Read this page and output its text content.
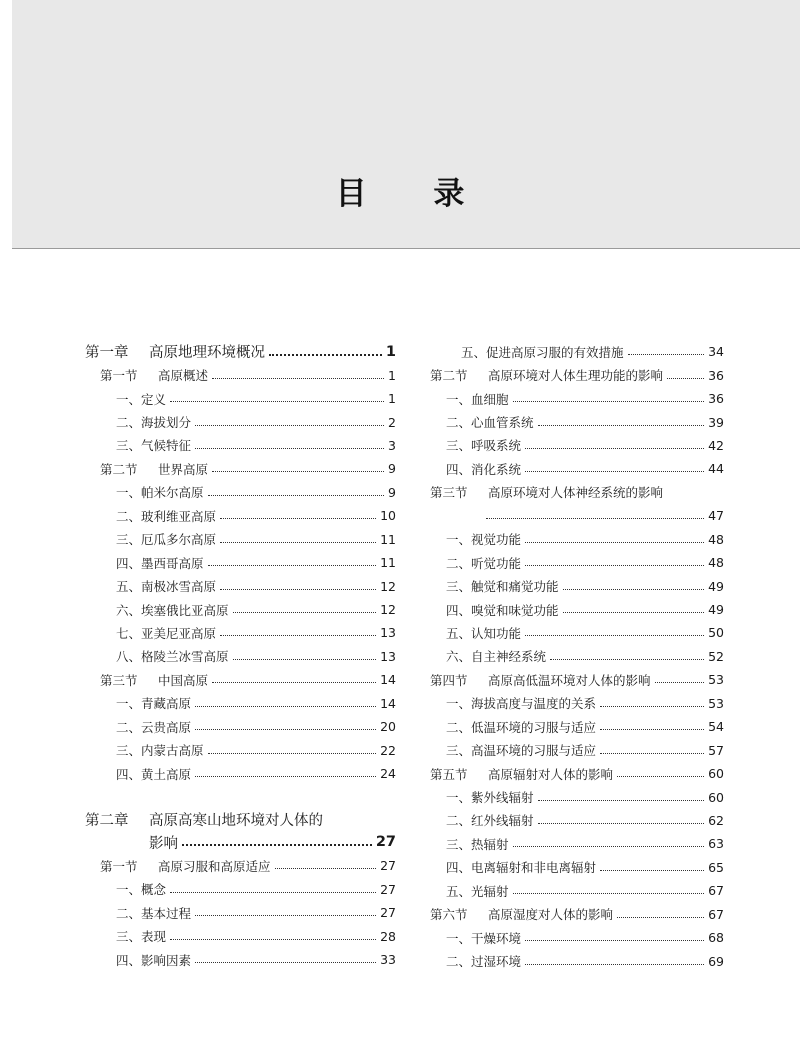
目 录
第一章 高原地理环境概况	1
第一节 高原概述	1
一、定义	1
二、海拔划分	2
三、气候特征	3
第二节 世界高原	9
一、帕米尔高原	9
二、玻利维亚高原	10
三、厄瓜多尔高原	11
四、墨西哥高原	11
五、南极冰雪高原	12
六、埃塞俄比亚高原	12
七、亚美尼亚高原	13
八、格陵兰冰雪高原	13
第三节 中国高原	14
一、青藏高原	14
二、云贵高原	20
三、内蒙古高原	22
四、黄土高原	24
第二章 高原高寒山地环境对人体的
影响	27
第一节 高原习服和高原适应	27
一、概念	27
二、基本过程	27
三、表现	28
四、影响因素	33
五、促进高原习服的有效措施	34
第二节 高原环境对人体生理功能的影响	36
一、血细胞	36
二、心血管系统	39
三、呼吸系统	42
四、消化系统	44
第三节 高原环境对人体神经系统的影响
47
一、视觉功能	48
二、听觉功能	48
三、触觉和痛觉功能	49
四、嗅觉和味觉功能	49
五、认知功能	50
六、自主神经系统	52
第四节 高原高低温环境对人体的影响	53
一、海拔高度与温度的关系	53
二、低温环境的习服与适应	54
三、高温环境的习服与适应	57
第五节 高原辐射对人体的影响	60
一、紫外线辐射	60
二、红外线辐射	62
三、热辐射	63
四、电离辐射和非电离辐射	65
五、光辐射	67
第六节 高原湿度对人体的影响	67
一、干燥环境	68
二、过湿环境	69
